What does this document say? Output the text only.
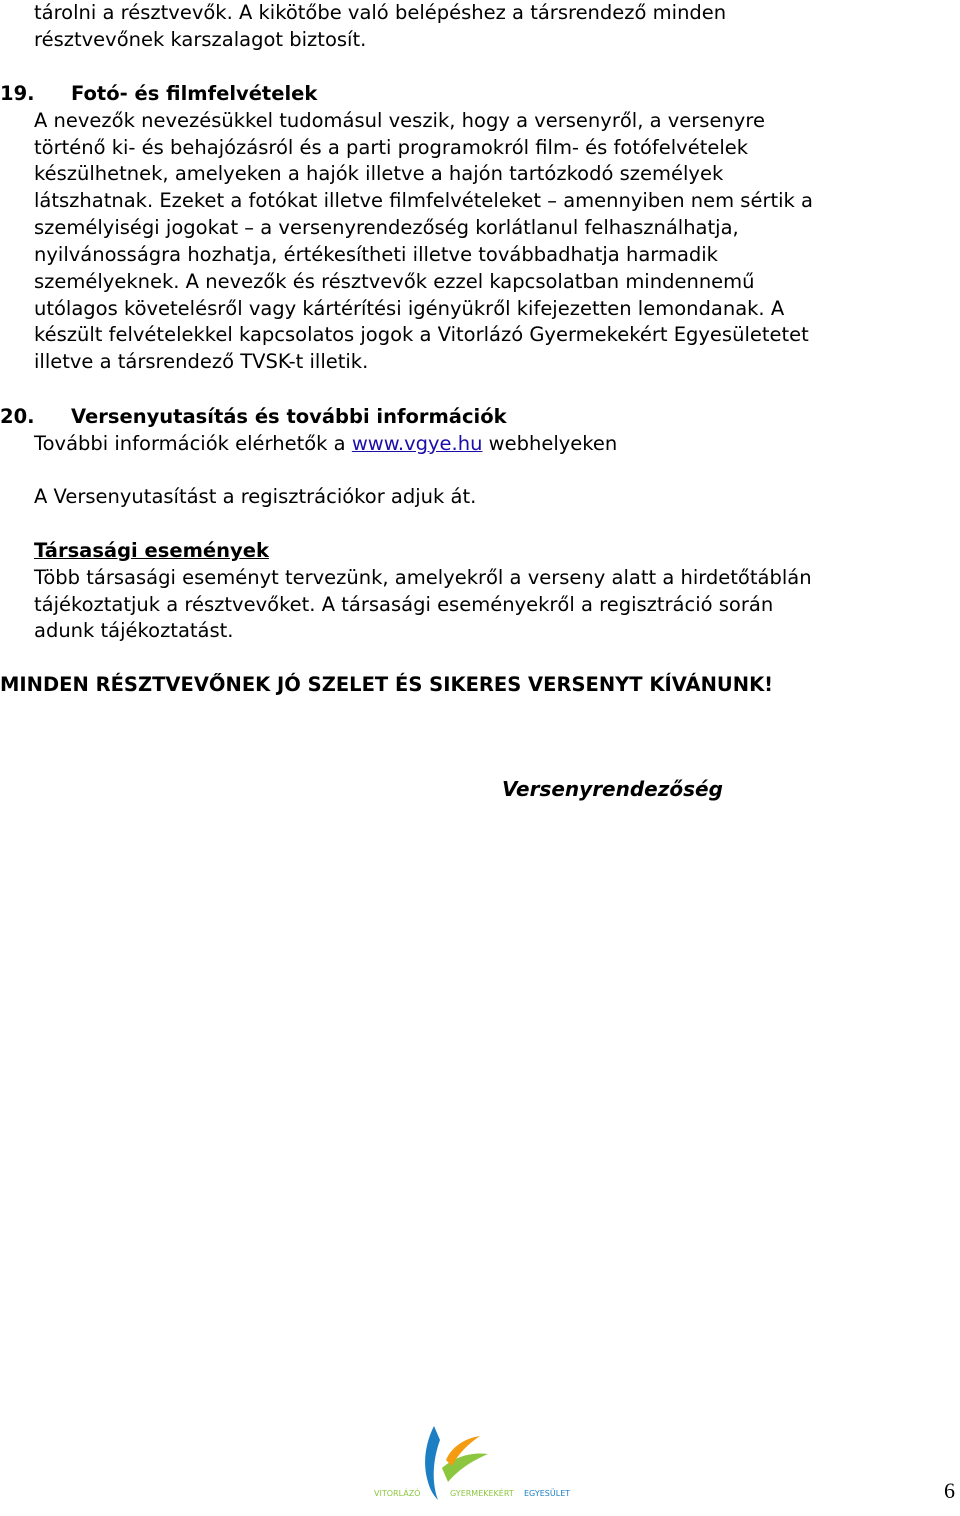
tárolni a résztvevők. A kikötőbe való belépéshez a társrendező minden
résztvevőnek karszalagot biztosít.
19. Fotó- és filmfelvételek
A nevezők nevezésükkel tudomásul veszik, hogy a versenyről, a versenyre
történő ki- és behajózásról és a parti programokról film- és fotófelvételek
készülhetnek, amelyeken a hajók illetve a hajón tartózkodó személyek
látszhatnak. Ezeket a fotókat illetve filmfelvételeket – amennyiben nem sértik a
személyiségi jogokat – a versenyrendezőség korlátlanul felhasználhatja,
nyilvánosságra hozhatja, értékesítheti illetve továbbadhatja harmadik
személyeknek. A nevezők és résztvevők ezzel kapcsolatban mindennemű
utólagos követelésről vagy kártérítési igényükről kifejezetten lemondanak. A
készült felvételekkel kapcsolatos jogok a Vitorlázó Gyermekekért Egyesületetet
illetve a társrendező TVSK-t illetik.
20. Versenyutasítás és további információk
További információk elérhetők a www.vgye.hu webhelyeken
A Versenyutasítást a regisztrációkor adjuk át.
Társasági események
Több társasági eseményt tervezünk, amelyekről a verseny alatt a hirdetőtáblán
tájékoztatjuk a résztvevőket. A társasági eseményekről a regisztráció során
adunk tájékoztatást.
MINDEN RÉSZTVEVŐNEK JÓ SZELET ÉS SIKERES VERSENYT KÍVÁNUNK!
Versenyrendezőség
VITORLÁZÓ	GYERMEKEKÉRT EGYESÜLET	6
